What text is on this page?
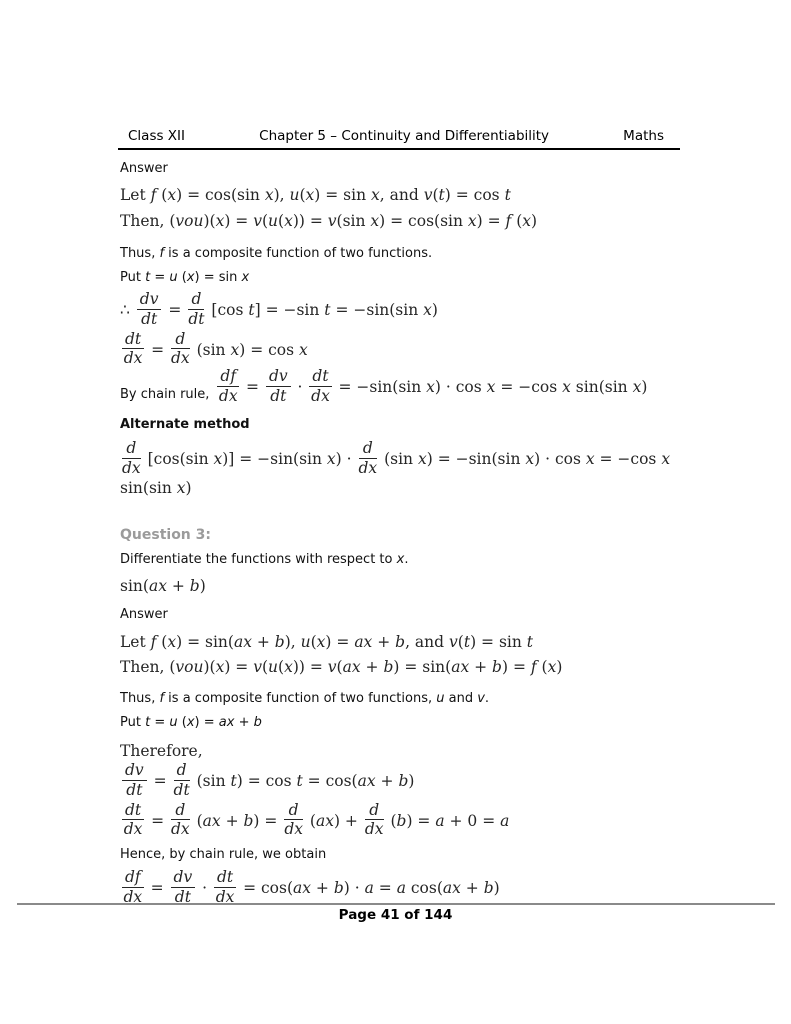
Class XII	Chapter 5 – Continuity and Differentiability	Maths

Answer

Let f (x) = cos(sin x), u(x) = sin x, and v(t) = cos t
Then, (vou)(x) = v(u(x)) = v(sin x) = cos(sin x) = f (x)

Thus, f is a composite function of two functions.

Put t = u (x) = sin x

∴ $\frac{dv}{dt} = \frac{d}{dt} [\cos$ t] = −sin t = −sin(sin x)
$\frac{dt}{dx} = \frac{d}{dx} (\sin$ x) = cos x
By chain rule, $\frac{df}{dx} = \frac{dv}{dt} \cdot \frac{dt}{dx} = -\sin(\sin$ x) · cos x = −cos x sin(sin x)

Alternate method

$\frac{d}{dx} [\cos(\sin$ x)] = −sin(sin $x) \cdot \frac{d}{dx} (\sin$ x) = −sin(sin x) · cos x = −cos x sin(sin x)

Question 3:

Differentiate the functions with respect to x.

sin(ax + b)

Answer

Let f (x) = sin(ax + b), u(x) = ax + b, and v(t) = sin t
Then, (vou)(x) = v(u(x)) = v(ax + b) = sin(ax + b) = f (x)

Thus, f is a composite function of two functions, u and v.

Put t = u (x) = ax + b

Therefore,
$\frac{dv}{dt} = \frac{d}{dt} (\sin$ t) = cos t = cos(ax + b)
$\frac{dt}{dx} = \frac{d}{dx} (ax + b) = \frac{d}{dx} (ax) + \frac{d}{dx} (b) = a + 0 = a$

Hence, by chain rule, we obtain

$\frac{df}{dx} = \frac{dv}{dt} \cdot \frac{dt}{dx} = \cos(ax + b) \cdot a = a$ cos(ax + b)
Page 41 of 144
